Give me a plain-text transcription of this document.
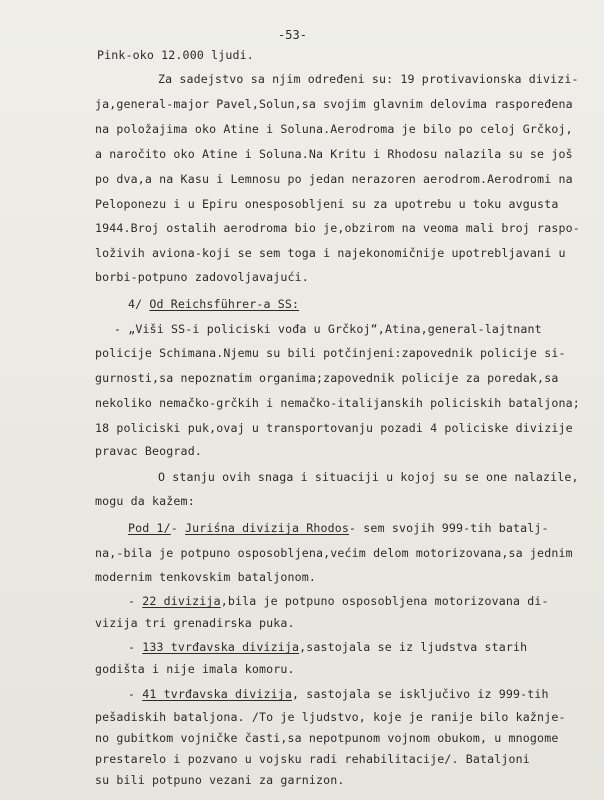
-53-
Pink-oko 12.000 ljudi.
Za sadejstvo sa njim određeni su: 19 protivavionska divizi-
ja,general-major Pavel,Solun,sa svojim glavnim delovima raspoređena
na položajima oko Atine i Soluna.Aerodroma je bilo po celoj Grčkoj,
a naročito oko Atine i Soluna.Na Kritu i Rhodosu nalazila su se još
po dva,a na Kasu i Lemnosu po jedan nerazoren aerodrom.Aerodromi na
Peloponezu i u Epiru onesposobljeni su za upotrebu u toku avgusta
1944.Broj ostalih aerodroma bio je,obzirom na veoma mali broj raspo-
loživih aviona-koji se sem toga i najekonomičnije upotrebljavani u
borbi-potpuno zadovoljavajući.
4/ Od Reichsführer-a SS:
- „Viši SS-i policiski vođa u Grčkoj“,Atina,general-lajtnant
policije Schimana.Njemu su bili potčinjeni:zapovednik policije si-
gurnosti,sa nepoznatim organima;zapovednik policije za poredak,sa
nekoliko nemačko-grčkih i nemačko-italijanskih policiskih bataljona;
18 policiski puk,ovaj u transportovanju pozadi 4 policiske divizije
pravac Beograd.
O stanju ovih snaga i situaciji u kojoj su se one nalazile,
mogu da kažem:
Pod 1/- Juriśna divizija Rhodos- sem svojih 999-tih batalj-
na,-bila je potpuno osposobljena,većim delom motorizovana,sa jednim
modernim tenkovskim bataljonom.
- 22 divizija,bila je potpuno osposobljena motorizovana di-
vizija tri grenadirska puka.
- 133 tvrđavska divizija,sastojala se iz ljudstva starih
godišta i nije imala komoru.
- 41 tvrđavska divizija, sastojala se isključivo iz 999-tih
pešadiskih bataljona. /To je ljudstvo, koje je ranije bilo kažnje-
no gubitkom vojničke časti,sa nepotpunom vojnom obukom, u mnogome
prestarelo i pozvano u vojsku radi rehabilitacije/. Bataljoni
su bili potpuno vezani za garnizon.
